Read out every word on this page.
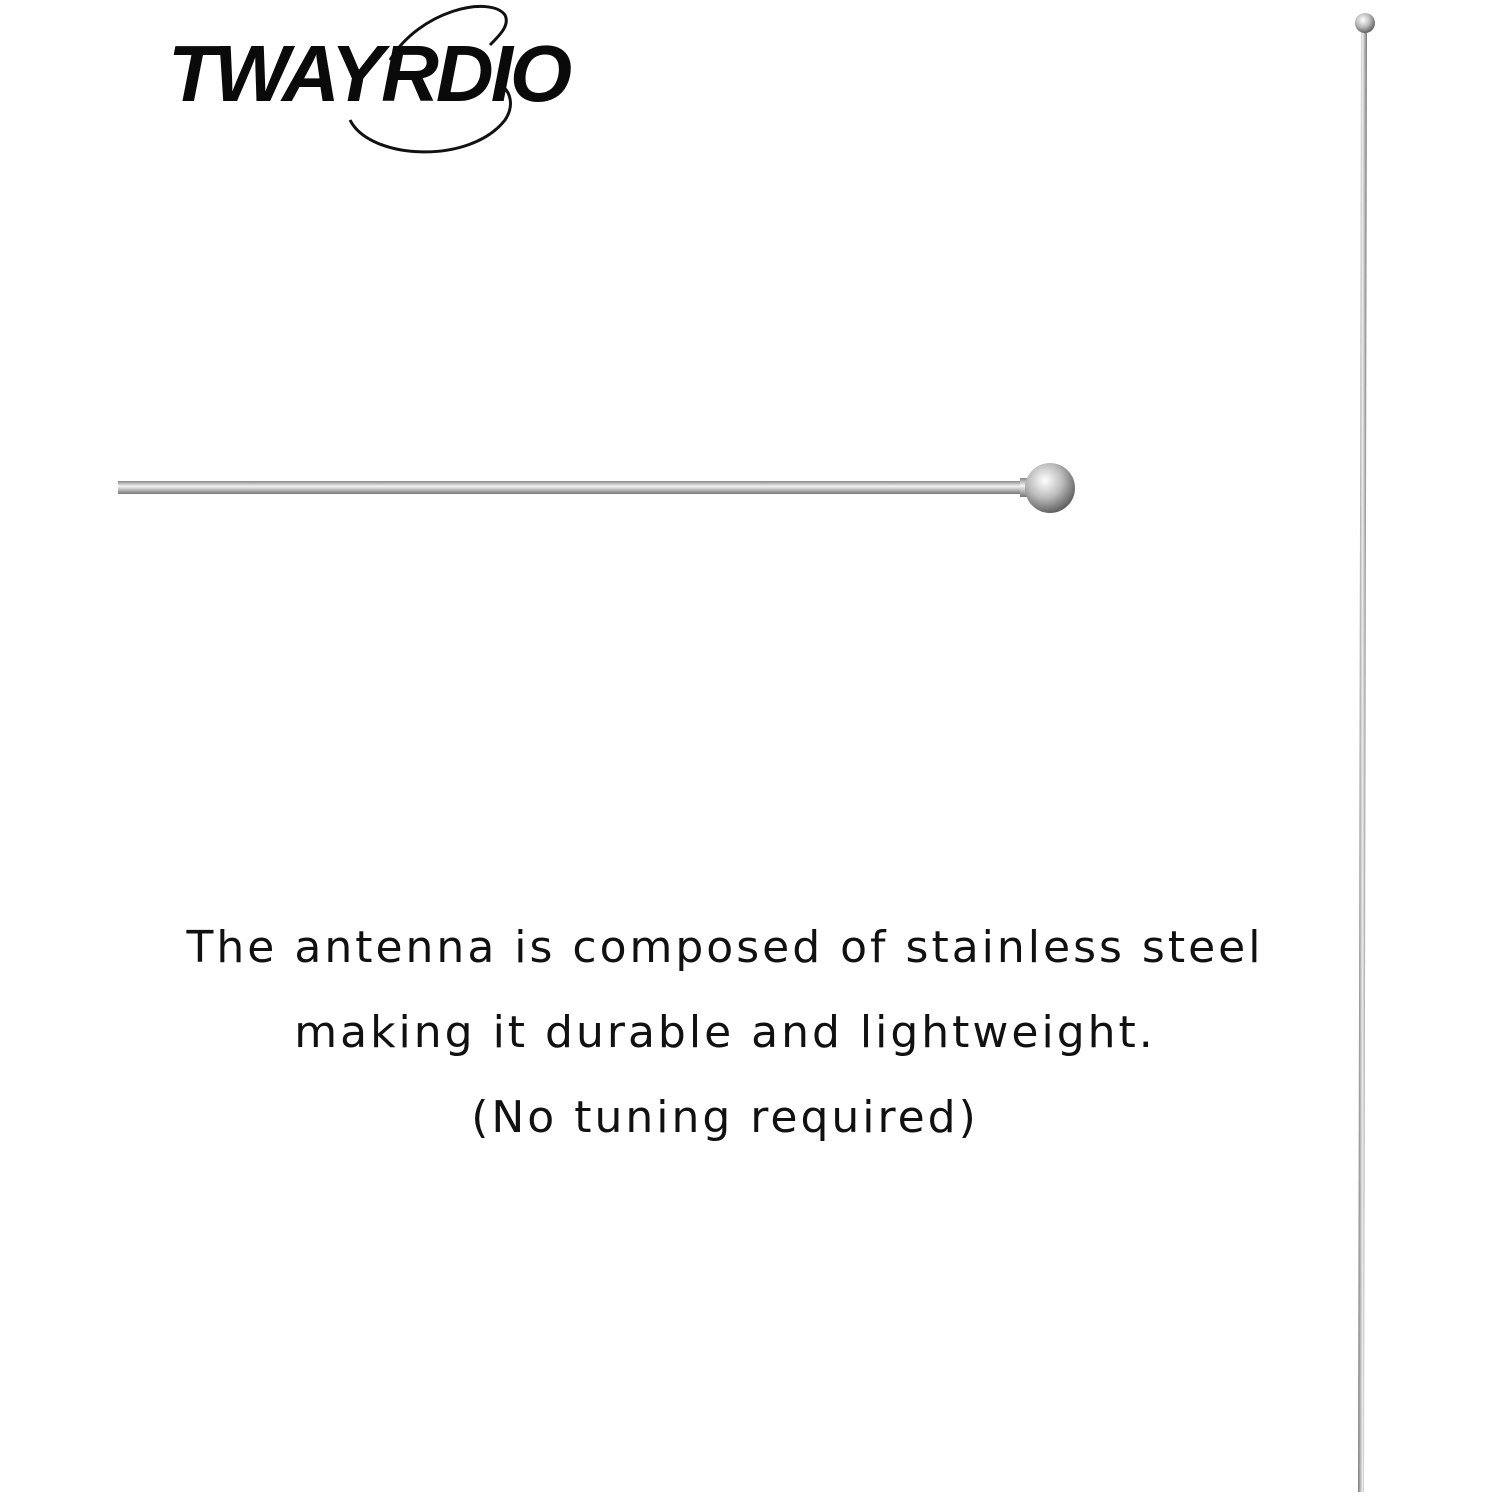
TWAYRDIO
The antenna is composed of stainless steel
making it durable and lightweight.
(No tuning required)
